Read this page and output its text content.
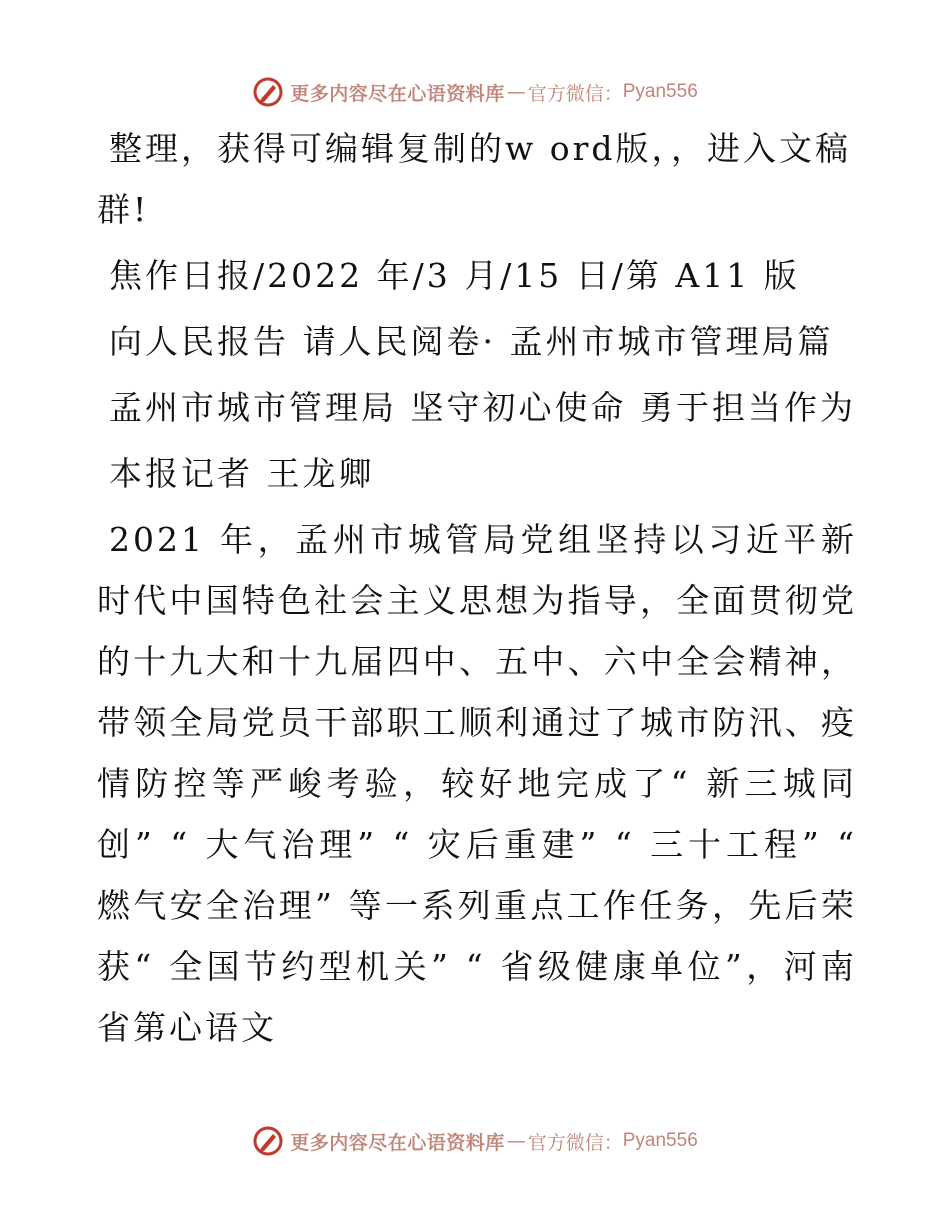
更多内容尽在心语资料库 — 官方微信： Pyan556

整理，获得可编辑复制的w ord版，，进入文稿群!

焦作日报/2022 年/3 月/15 日/第 A11 版

向人民报告 请人民阅卷· 孟州市城市管理局篇

孟州市城市管理局 坚守初心使命 勇于担当作为

本报记者 王龙卿

2021 年，孟州市城管局党组坚持以习近平新时代中国特色社会主义思想为指导，全面贯彻党的十九大和十九届四中、五中、六中全会精神，带领全局党员干部职工顺利通过了城市防汛、疫情防控等严峻考验，较好地完成了“ 新三城同创” “ 大气治理” “ 灾后重建” “ 三十工程” “ 燃气安全治理” 等一系列重点工作任务，先后荣获“ 全国节约型机关” “ 省级健康单位”，河南省第心语文

更多内容尽在心语资料库 — 官方微信： Pyan556
